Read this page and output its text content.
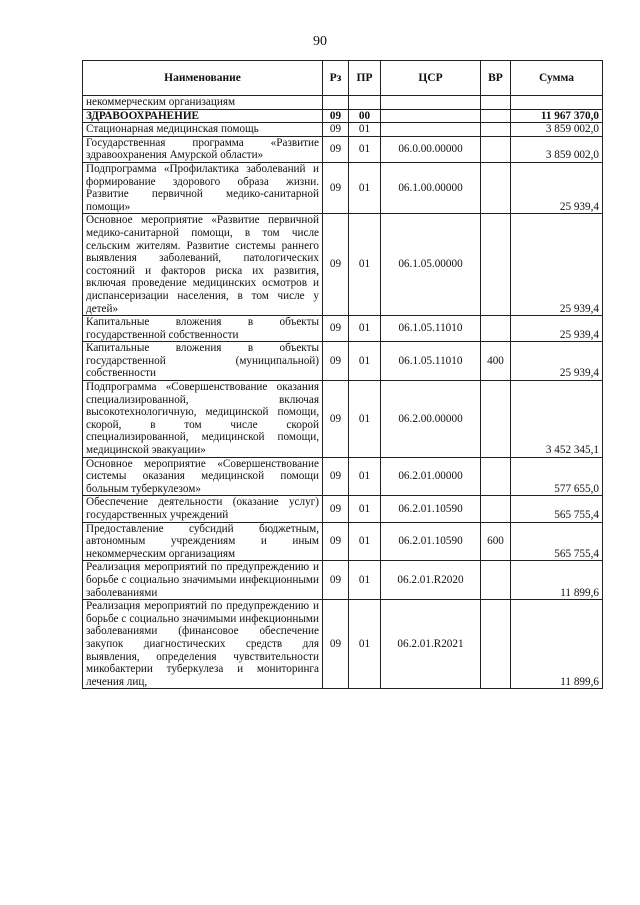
90
Наименование	Рз	ПР	ЦСР	ВР	Сумма
некоммерческим организациям					
ЗДРАВООХРАНЕНИЕ	09	00			11 967 370,0
Стационарная медицинская помощь	09	01			3 859 002,0
Государственная программа «Развитие здравоохранения Амурской области»	09	01	06.0.00.00000		3 859 002,0
Подпрограмма «Профилактика заболеваний и формирование здорового образа жизни. Развитие первичной медико-санитарной помощи»	09	01	06.1.00.00000		25 939,4
Основное мероприятие «Развитие первичной медико-санитарной помощи, в том числе сельским жителям. Развитие системы раннего выявления заболеваний, патологических состояний и факторов риска их развития, включая проведение медицинских осмотров и диспансеризации населения, в том числе у детей»	09	01	06.1.05.00000		25 939,4
Капитальные вложения в объекты государственной собственности	09	01	06.1.05.11010		25 939,4
Капитальные вложения в объекты государственной (муниципальной) собственности	09	01	06.1.05.11010	400	25 939,4
Подпрограмма «Совершенствование оказания специализированной, включая высокотехнологичную, медицинской помощи, скорой, в том числе скорой специализированной, медицинской помощи, медицинской эвакуации»	09	01	06.2.00.00000		3 452 345,1
Основное мероприятие «Совершенствование системы оказания медицинской помощи больным туберкулезом»	09	01	06.2.01.00000		577 655,0
Обеспечение деятельности (оказание услуг) государственных учреждений	09	01	06.2.01.10590		565 755,4
Предоставление субсидий бюджетным, автономным учреждениям и иным некоммерческим организациям	09	01	06.2.01.10590	600	565 755,4
Реализация мероприятий по предупреждению и борьбе с социально значимыми инфекционными заболеваниями	09	01	06.2.01.R2020		11 899,6
Реализация мероприятий по предупреждению и борьбе с социально значимыми инфекционными заболеваниями (финансовое обеспечение закупок диагностических средств для выявления, определения чувствительности микобактерии туберкулеза и мониторинга лечения лиц,	09	01	06.2.01.R2021		11 899,6
